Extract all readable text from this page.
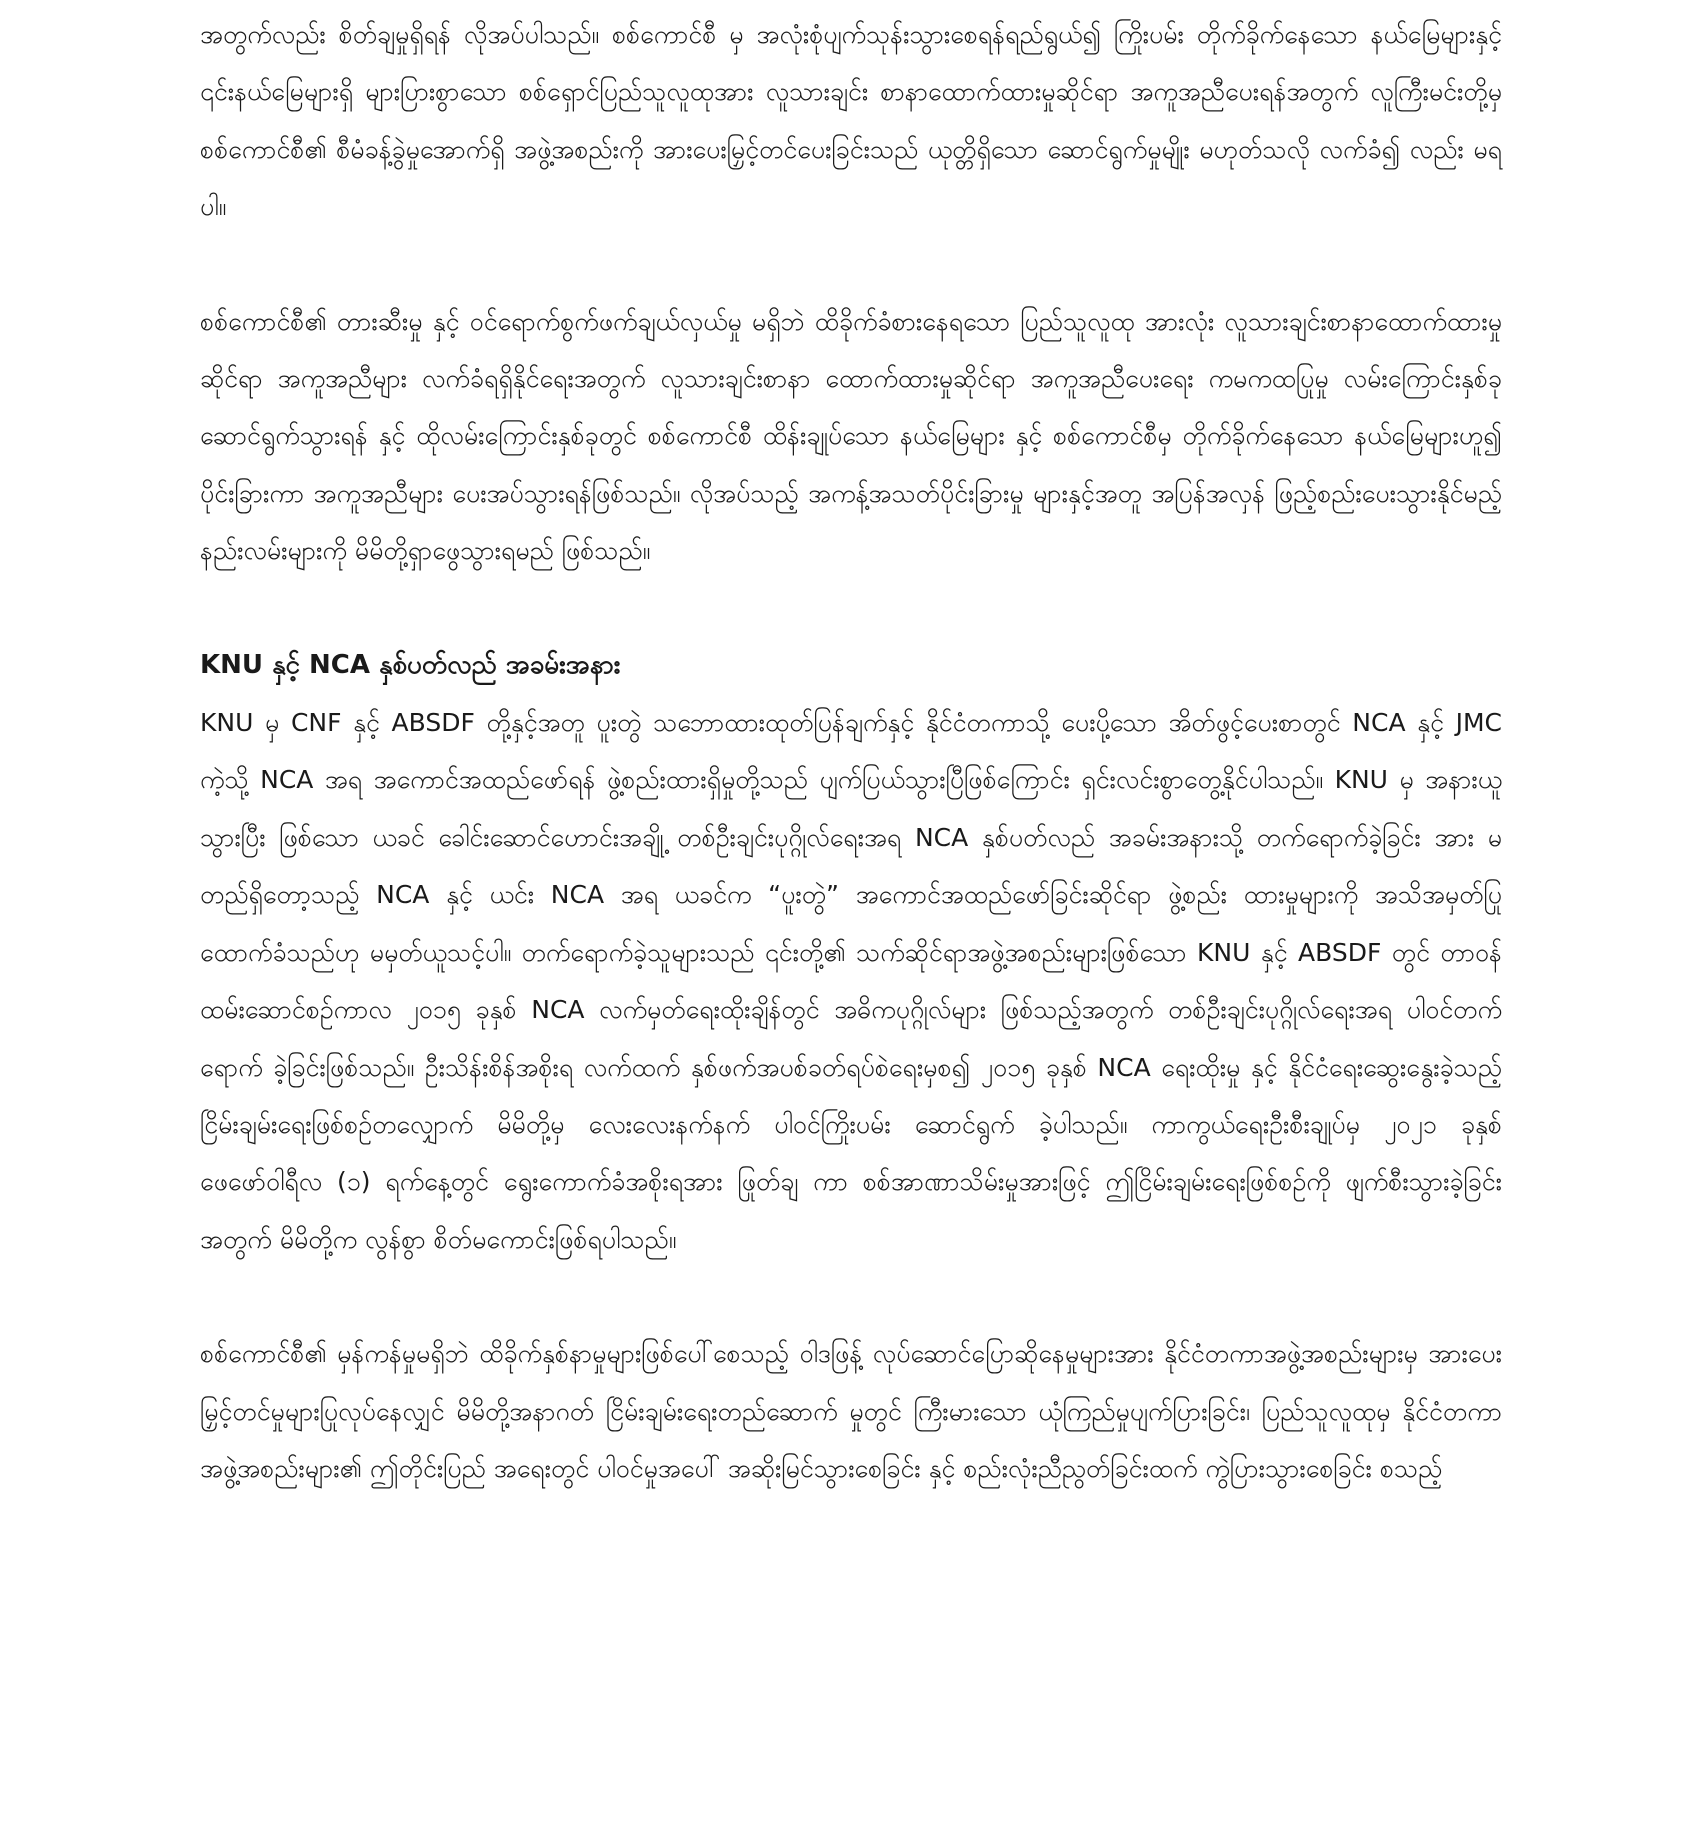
အတွက်လည်း စိတ်ချမှုရှိရန် လိုအပ်ပါသည်။ စစ်ကောင်စီ မှ အလုံးစုံပျက်သုန်းသွားစေရန်ရည်ရွယ်၍ ကြိုးပမ်း တိုက်ခိုက်နေသော နယ်မြေများနှင့် ၎င်းနယ်မြေများရှိ များပြားစွာသော စစ်ရှောင်ပြည်သူလူထုအား လူသားချင်း စာနာထောက်ထားမှုဆိုင်ရာ အကူအညီပေးရန်အတွက် လူကြီးမင်းတို့မှ စစ်ကောင်စီ၏ စီမံခန့်ခွဲမှုအောက်ရှိ အဖွဲ့အစည်းကို အားပေးမြှင့်တင်ပေးခြင်းသည် ယုတ္တိရှိသော ဆောင်ရွက်မှုမျိုး မဟုတ်သလို လက်ခံ၍ လည်း မရပါ။

စစ်ကောင်စီ၏ တားဆီးမှု နှင့် ဝင်ရောက်စွက်ဖက်ချယ်လှယ်မှု မရှိဘဲ ထိခိုက်ခံစားနေရသော ပြည်သူလူထု အားလုံး လူသားချင်းစာနာထောက်ထားမှုဆိုင်ရာ အကူအညီများ လက်ခံရရှိနိုင်ရေးအတွက် လူသားချင်းစာနာ ထောက်ထားမှုဆိုင်ရာ အကူအညီပေးရေး ကမကထပြုမှု လမ်းကြောင်းနှစ်ခု ဆောင်ရွက်သွားရန် နှင့် ထိုလမ်းကြောင်းနှစ်ခုတွင် စစ်ကောင်စီ ထိန်းချုပ်သော နယ်မြေများ နှင့် စစ်ကောင်စီမှ တိုက်ခိုက်နေသော နယ်မြေများဟူ၍ ပိုင်းခြားကာ အကူအညီများ ပေးအပ်သွားရန်ဖြစ်သည်။ လိုအပ်သည့် အကန့်အသတ်ပိုင်းခြားမှု များနှင့်အတူ အပြန်အလှန် ဖြည့်စည်းပေးသွားနိုင်မည့် နည်းလမ်းများကို မိမိတို့ရှာဖွေသွားရမည် ဖြစ်သည်။

KNU နှင့် NCA နှစ်ပတ်လည် အခမ်းအနား

KNU မှ CNF နှင့် ABSDF တို့နှင့်အတူ ပူးတွဲ သဘောထားထုတ်ပြန်ချက်နှင့် နိုင်ငံတကာသို့ ပေးပို့သော အိတ်ဖွင့်ပေးစာတွင် NCA နှင့် JMC ကဲ့သို့ NCA အရ အကောင်အထည်ဖော်ရန် ဖွဲ့စည်းထားရှိမှုတို့သည် ပျက်ပြယ်သွားပြီဖြစ်ကြောင်း ရှင်းလင်းစွာတွေ့နိုင်ပါသည်။ KNU မှ အနားယူသွားပြီး ဖြစ်သော ယခင် ခေါင်းဆောင်ဟောင်းအချို့ တစ်ဦးချင်းပုဂ္ဂိုလ်ရေးအရ NCA နှစ်ပတ်လည် အခမ်းအနားသို့ တက်ရောက်ခဲ့ခြင်း အား မတည်ရှိတော့သည့် NCA နှင့် ယင်း NCA အရ ယခင်က “ပူးတွဲ” အကောင်အထည်ဖော်ခြင်းဆိုင်ရာ ဖွဲ့စည်း ထားမှုများကို အသိအမှတ်ပြုထောက်ခံသည်ဟု မမှတ်ယူသင့်ပါ။ တက်ရောက်ခဲ့သူများသည် ၎င်းတို့၏ သက်ဆိုင်ရာအဖွဲ့အစည်းများဖြစ်သော KNU နှင့် ABSDF တွင် တာဝန်ထမ်းဆောင်စဉ်ကာလ ၂၀၁၅ ခုနှစ် NCA လက်မှတ်ရေးထိုးချိန်တွင် အဓိကပုဂ္ဂိုလ်များ ဖြစ်သည့်အတွက် တစ်ဦးချင်းပုဂ္ဂိုလ်ရေးအရ ပါဝင်တက်ရောက် ခဲ့ခြင်းဖြစ်သည်။ ဦးသိန်းစိန်အစိုးရ လက်ထက် နှစ်ဖက်အပစ်ခတ်ရပ်စဲရေးမှစ၍ ၂၀၁၅ ခုနှစ် NCA ရေးထိုးမှု နှင့် နိုင်ငံရေးဆွေးနွေးခဲ့သည့် ငြိမ်းချမ်းရေးဖြစ်စဉ်တလျှောက် မိမိတို့မှ လေးလေးနက်နက် ပါဝင်ကြိုးပမ်း ဆောင်ရွက် ခဲ့ပါသည်။ ကာကွယ်ရေးဦးစီးချုပ်မှ ၂၀၂၁ ခုနှစ် ဖေဖော်ဝါရီလ (၁) ရက်နေ့တွင် ရွေးကောက်ခံအစိုးရအား ဖြုတ်ချ ကာ စစ်အာဏာသိမ်းမှုအားဖြင့် ဤငြိမ်းချမ်းရေးဖြစ်စဉ်ကို ဖျက်စီးသွားခဲ့ခြင်းအတွက် မိမိတို့က လွန်စွာ စိတ်မကောင်းဖြစ်ရပါသည်။

စစ်ကောင်စီ၏ မှန်ကန်မှုမရှိဘဲ ထိခိုက်နှစ်နာမှုများဖြစ်ပေါ်စေသည့် ဝါဒဖြန့် လုပ်ဆောင်ပြောဆိုနေမှုများအား နိုင်ငံတကာအဖွဲ့အစည်းများမှ အားပေးမြှင့်တင်မှုများပြုလုပ်နေလျှင် မိမိတို့အနာဂတ် ငြိမ်းချမ်းရေးတည်ဆောက် မှုတွင် ကြီးမားသော ယုံကြည်မှုပျက်ပြားခြင်း၊ ပြည်သူလူထုမှ နိုင်ငံတကာအဖွဲ့အစည်းများ၏ ဤတိုင်းပြည် အရေးတွင် ပါဝင်မှုအပေါ် အဆိုးမြင်သွားစေခြင်း နှင့် စည်းလုံးညီညွတ်ခြင်းထက် ကွဲပြားသွားစေခြင်း စသည့်
